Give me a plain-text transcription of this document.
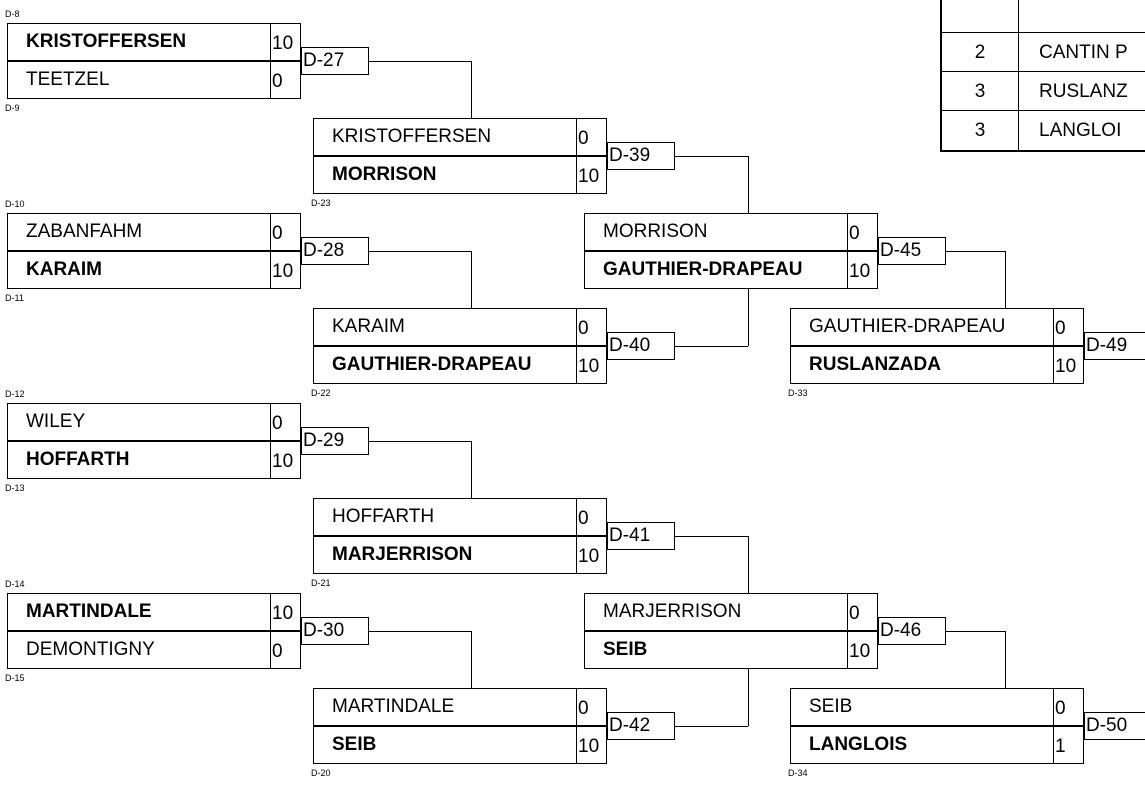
KRISTOFFERSEN	10
TEETZEL	0
D-8
D-9
D-27
ZABANFAHM	0
KARAIM	10
D-10
D-11
D-28
WILEY	0
HOFFARTH	10
D-12
D-13
D-29
MARTINDALE	10
DEMONTIGNY	0
D-14
D-15
D-30
KRISTOFFERSEN	0
MORRISON	10
D-23
D-39
KARAIM	0
GAUTHIER-DRAPEAU	10
D-22
D-40
HOFFARTH	0
MARJERRISON	10
D-21
D-41
MARTINDALE	0
SEIB	10
D-20
D-42
MORRISON	0
GAUTHIER-DRAPEAU	10
D-45
MARJERRISON	0
SEIB	10
D-46
GAUTHIER-DRAPEAU	0
RUSLANZADA	10
D-33
D-49
SEIB	0
LANGLOIS	1
D-34
D-50
2	CANTIN P
3	RUSLANZ
3	LANGLOI
